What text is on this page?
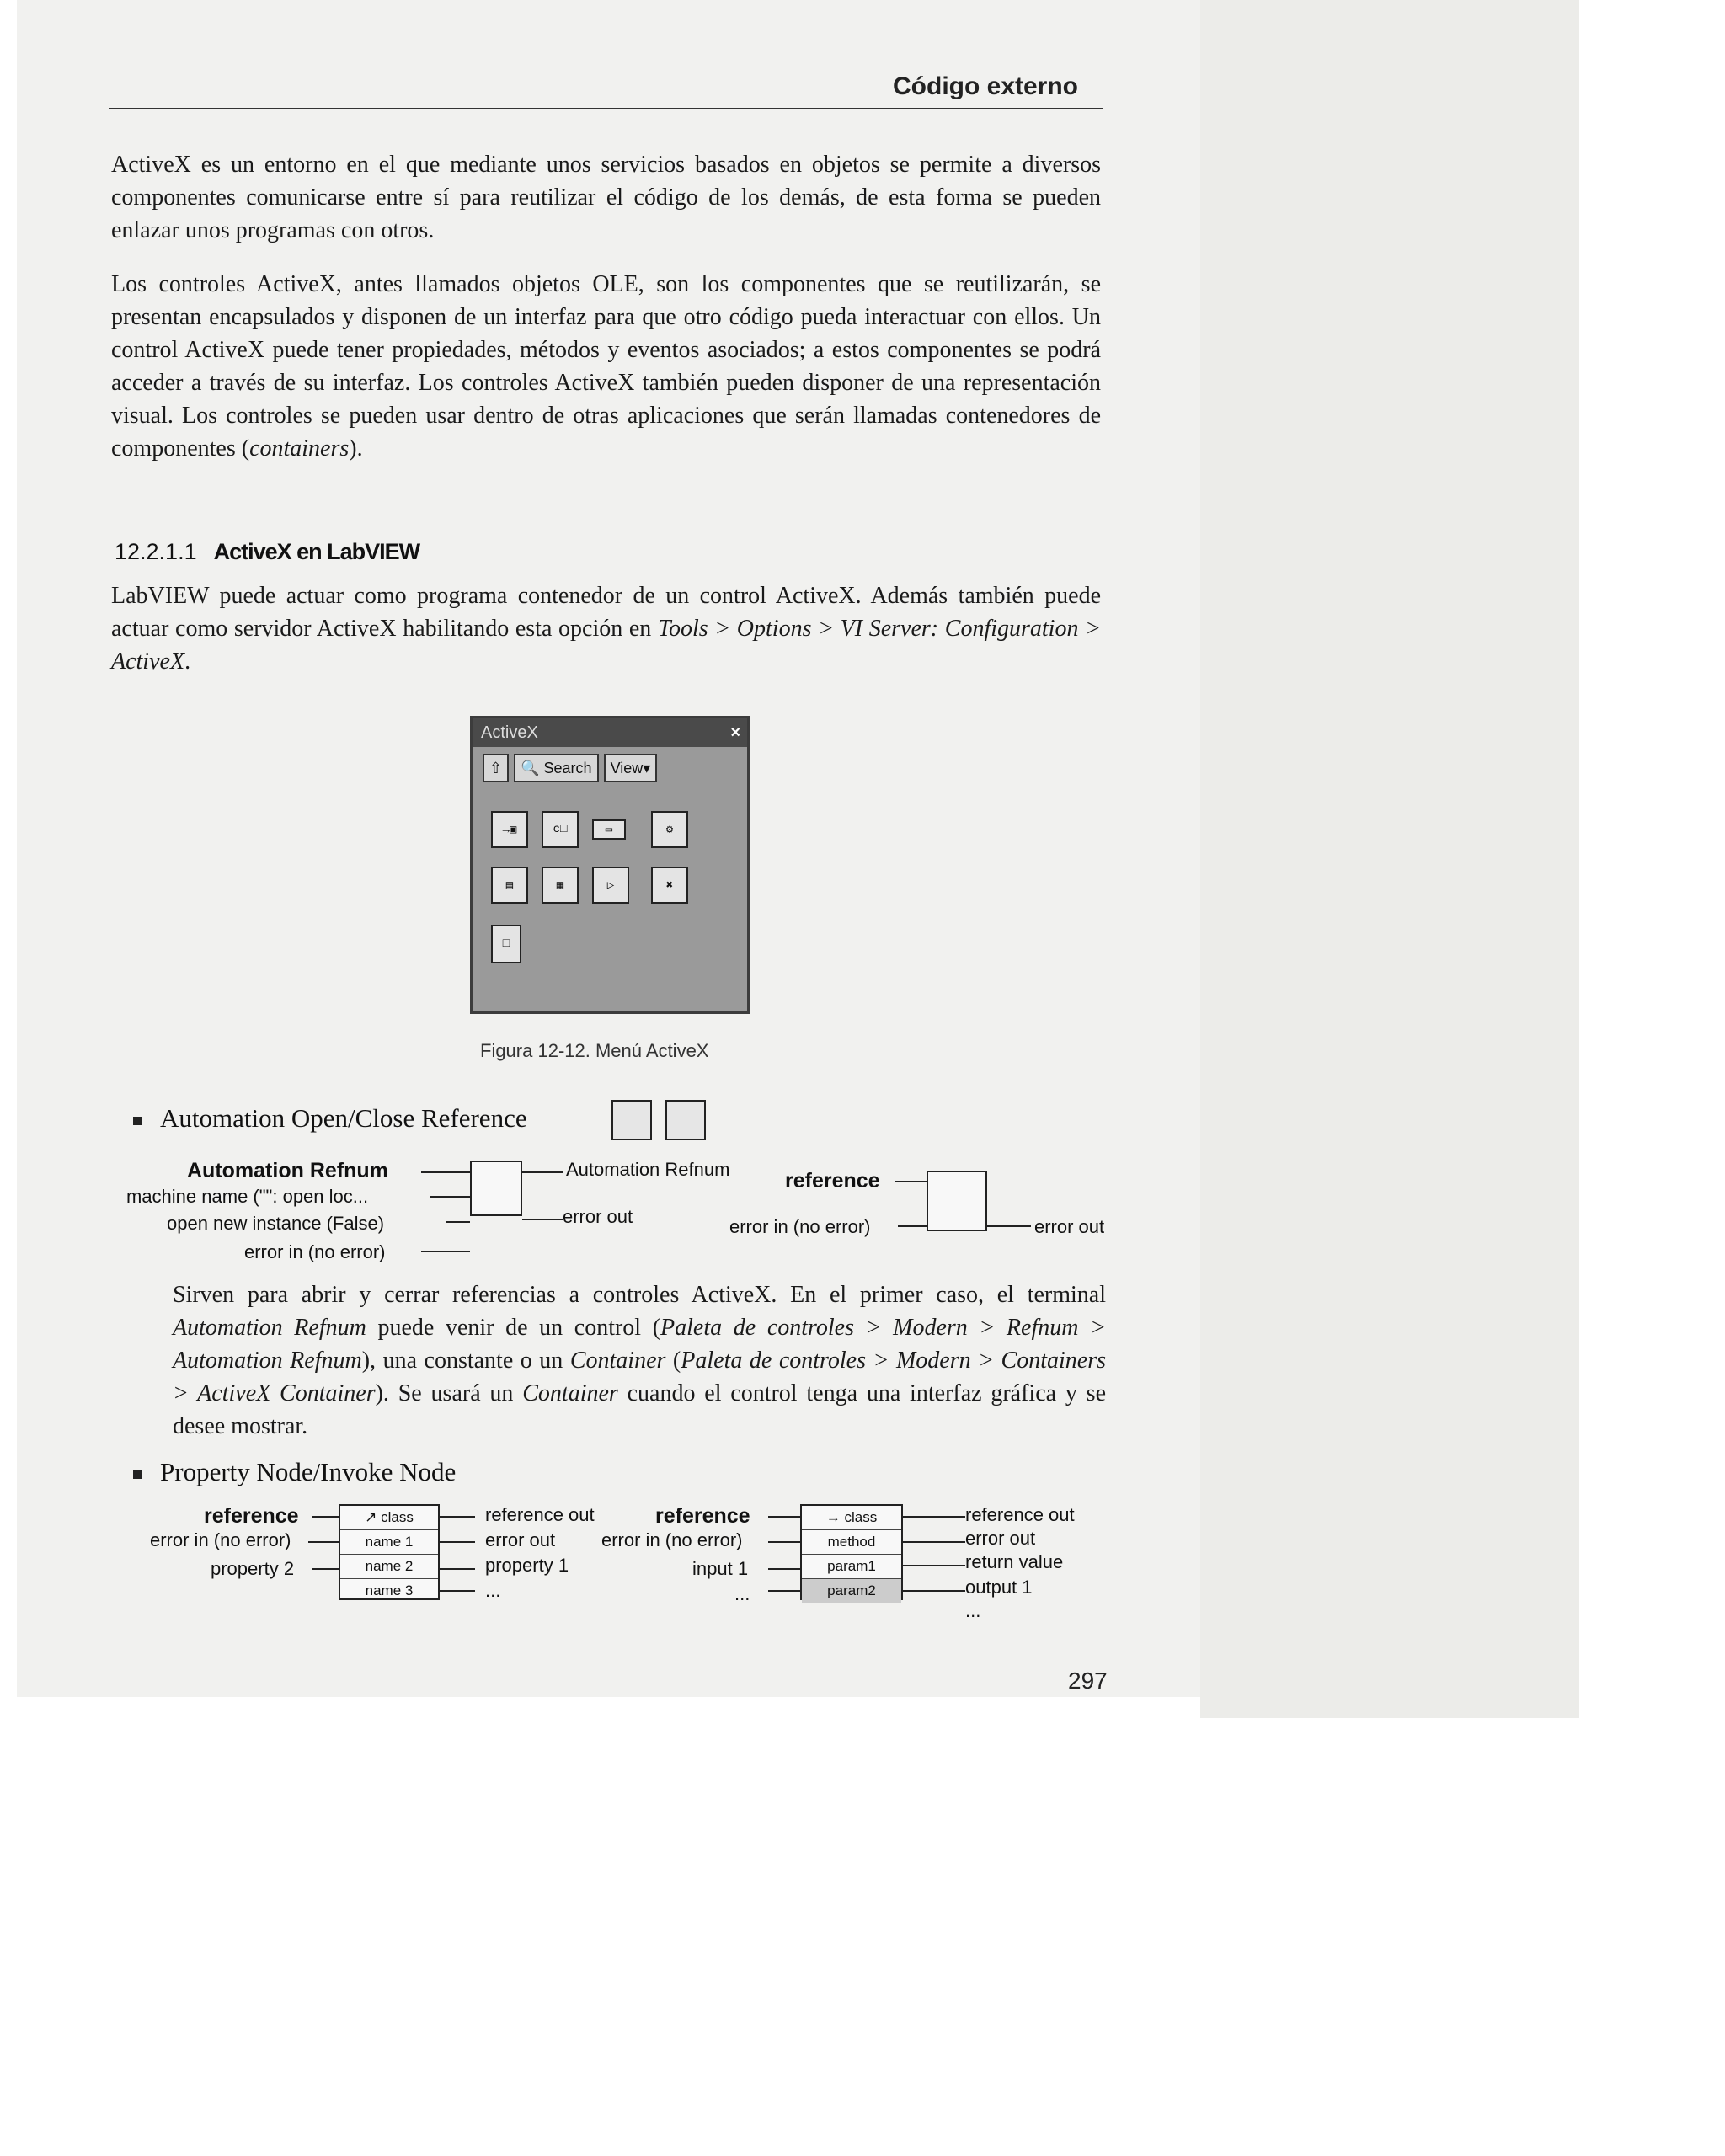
Código externo

ActiveX es un entorno en el que mediante unos servicios basados en objetos se permite a diversos componentes comunicarse entre sí para reutilizar el código de los demás, de esta forma se pueden enlazar unos programas con otros.

Los controles ActiveX, antes llamados objetos OLE, son los componentes que se reutilizarán, se presentan encapsulados y disponen de un interfaz para que otro código pueda interactuar con ellos. Un control ActiveX puede tener propiedades, métodos y eventos asociados; a estos componentes se podrá acceder a través de su interfaz. Los controles ActiveX también pueden disponer de una representación visual. Los controles se pueden usar dentro de otras aplicaciones que serán llamadas contenedores de componentes (containers).

12.2.1.1 ActiveX en LabVIEW

LabVIEW puede actuar como programa contenedor de un control ActiveX. Además también puede actuar como servidor ActiveX habilitando esta opción en Tools > Options > VI Server: Configuration > ActiveX.

ActiveX	×
⇧	🔍 Search	View▾
→▣	c□	▭	⚙
▤	▦	▷	✖
□
Figura 12-12. Menú ActiveX
Automation Open/Close Reference
Automation Refnum
machine name ("": open loc...
open new instance (False)
error in (no error)
Automation Refnum
error out
reference
error in (no error)	error out

Sirven para abrir y cerrar referencias a controles ActiveX. En el primer caso, el terminal Automation Refnum puede venir de un control (Paleta de controles > Modern > Refnum > Automation Refnum), una constante o un Container (Paleta de controles > Modern > Containers > ActiveX Container). Se usará un Container cuando el control tenga una interfaz gráfica y se desee mostrar.

Property Node/Invoke Node
reference
error in (no error)
property 2
↗ class
name 1
name 2
name 3
reference out
error out
property 1
...
reference
error in (no error)
input 1
...
→ class
method
param1
param2
reference out
error out
return value
output 1
...
297
